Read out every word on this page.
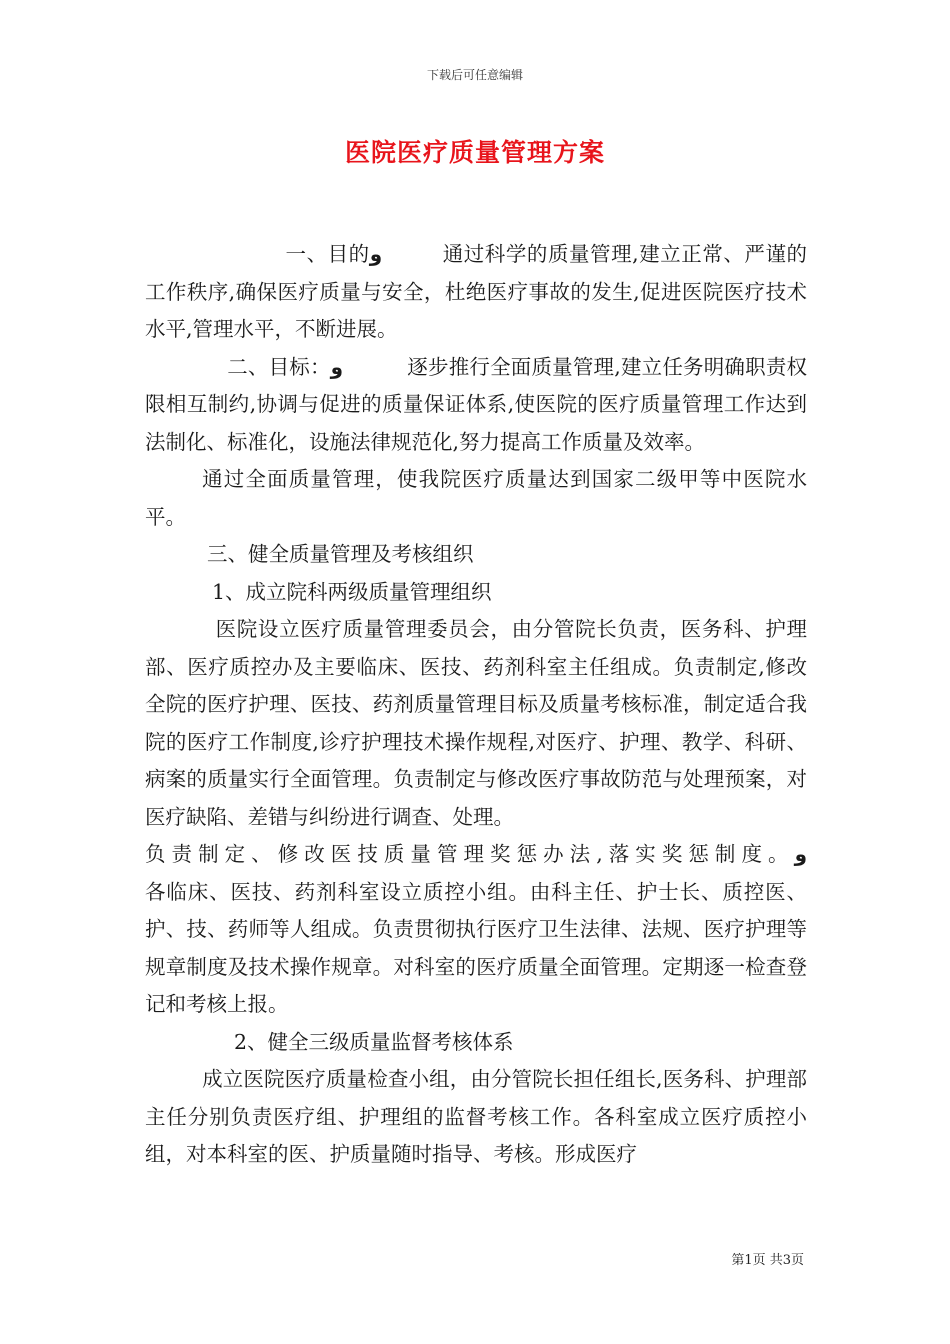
下载后可任意编辑
医院医疗质量管理方案

一、目的و	通过科学的质量管理,建立正常、严谨的工作秩序,确保医疗质量与安全，杜绝医疗事故的发生,促进医院医疗技术水平,管理水平，不断进展。

二、目标：و	逐步推行全面质量管理,建立任务明确职责权限相互制约,协调与促进的质量保证体系,使医院的医疗质量管理工作达到法制化、标准化，设施法律规范化,努力提高工作质量及效率。

通过全面质量管理，使我院医疗质量达到国家二级甲等中医院水平。

三、健全质量管理及考核组织

1、成立院科两级质量管理组织

医院设立医疗质量管理委员会，由分管院长负责，医务科、护理部、医疗质控办及主要临床、医技、药剂科室主任组成。负责制定,修改全院的医疗护理、医技、药剂质量管理目标及质量考核标准，制定适合我院的医疗工作制度,诊疗护理技术操作规程,对医疗、护理、教学、科研、病案的质量实行全面管理。负责制定与修改医疗事故防范与处理预案，对医疗缺陷、差错与纠纷进行调查、处理。

负责制定、修改医技质量管理奖惩办法,落实奖惩制度。و

各临床、医技、药剂科室设立质控小组。由科主任、护士长、质控医、护、技、药师等人组成。负责贯彻执行医疗卫生法律、法规、医疗护理等规章制度及技术操作规章。对科室的医疗质量全面管理。定期逐一检查登记和考核上报。

2、健全三级质量监督考核体系

成立医院医疗质量检查小组，由分管院长担任组长,医务科、护理部主任分别负责医疗组、护理组的监督考核工作。各科室成立医疗质控小组，对本科室的医、护质量随时指导、考核。形成医疗

第1页 共3页
